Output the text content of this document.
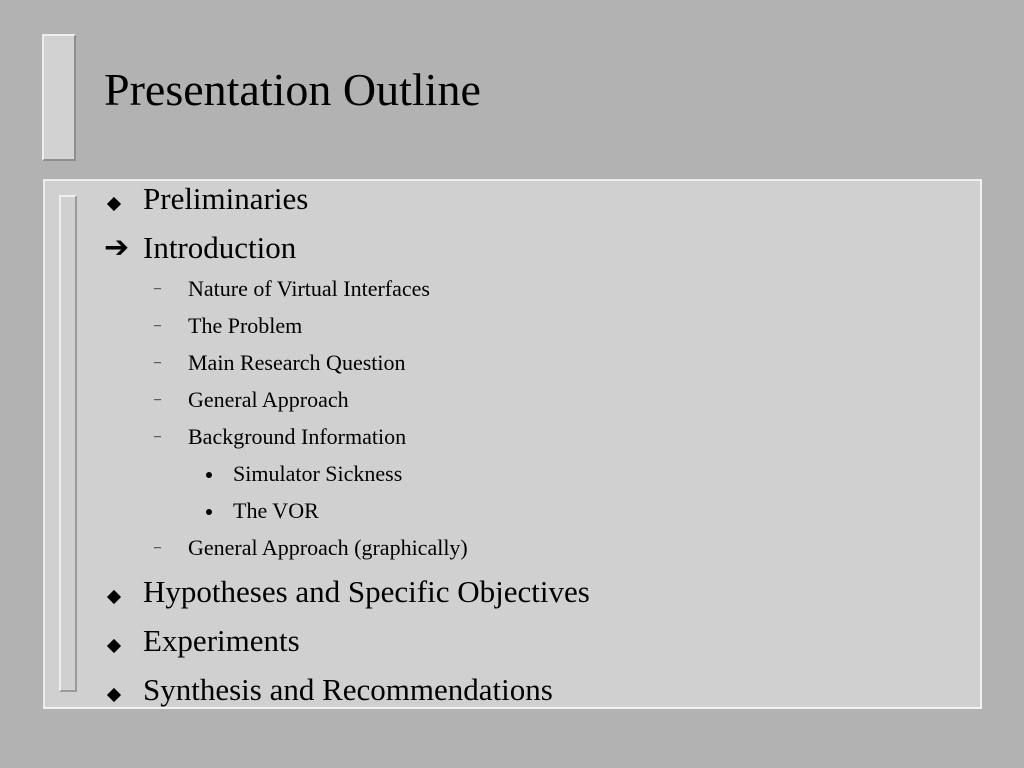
Presentation Outline
Preliminaries
➔ Introduction
– Nature of Virtual Interfaces
– The Problem
– Main Research Question
– General Approach
– Background Information
Simulator Sickness
The VOR
– General Approach (graphically)
Hypotheses and Specific Objectives
Experiments
Synthesis and Recommendations
